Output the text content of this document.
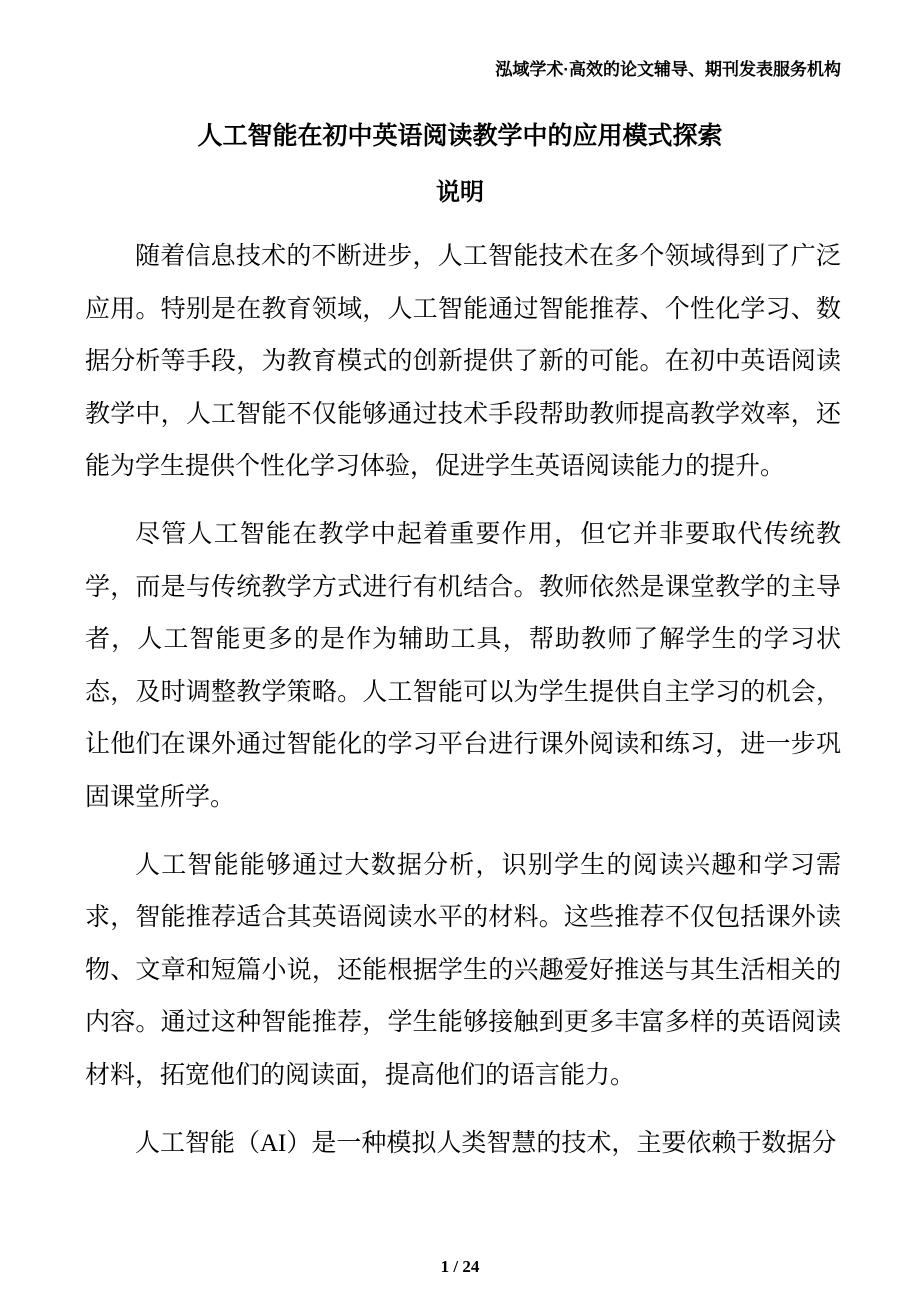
泓域学术·高效的论文辅导、期刊发表服务机构
人工智能在初中英语阅读教学中的应用模式探索
说明

随着信息技术的不断进步，人工智能技术在多个领域得到了广泛应用。特别是在教育领域，人工智能通过智能推荐、个性化学习、数据分析等手段，为教育模式的创新提供了新的可能。在初中英语阅读教学中，人工智能不仅能够通过技术手段帮助教师提高教学效率，还能为学生提供个性化学习体验，促进学生英语阅读能力的提升。

尽管人工智能在教学中起着重要作用，但它并非要取代传统教学，而是与传统教学方式进行有机结合。教师依然是课堂教学的主导者，人工智能更多的是作为辅助工具，帮助教师了解学生的学习状态，及时调整教学策略。人工智能可以为学生提供自主学习的机会，让他们在课外通过智能化的学习平台进行课外阅读和练习，进一步巩固课堂所学。

人工智能能够通过大数据分析，识别学生的阅读兴趣和学习需求，智能推荐适合其英语阅读水平的材料。这些推荐不仅包括课外读物、文章和短篇小说，还能根据学生的兴趣爱好推送与其生活相关的内容。通过这种智能推荐，学生能够接触到更多丰富多样的英语阅读材料，拓宽他们的阅读面，提高他们的语言能力。

人工智能（AI）是一种模拟人类智慧的技术，主要依赖于数据分

1 / 24
